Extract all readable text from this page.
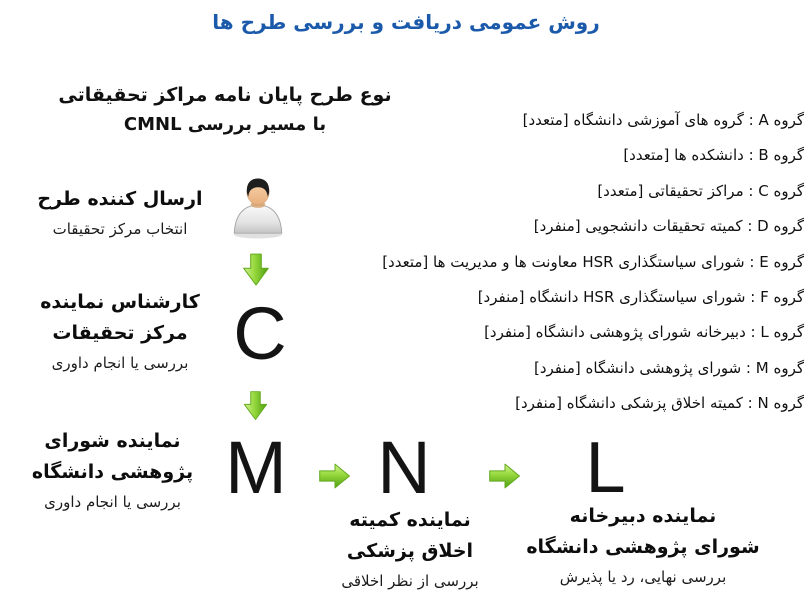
روش عمومی دریافت و بررسی طرح ها
نوع طرح پایان نامه مراکز تحقیقاتی
با مسیر بررسی CMNL
ارسال کننده طرح
انتخاب مرکز تحقیقات
کارشناس نماینده
مرکز تحقیقات
بررسی یا انجام داوری
نماینده شورای
پژوهشی دانشگاه
بررسی یا انجام داوری
نماینده کمیته
اخلاق پزشکی
بررسی از نظر اخلاقی
نماینده دبیرخانه
شورای پژوهشی دانشگاه
بررسی نهایی، رد یا پذیرش
C
M N L
گروه A : گروه های آموزشی دانشگاه [متعدد]
گروه B : دانشکده ها [متعدد]
گروه C : مراکز تحقیقاتی [متعدد]
گروه D : کمیته تحقیقات دانشجویی [منفرد]
گروه E : شورای سیاستگذاری HSR معاونت ها و مدیریت ها [متعدد]
گروه F : شورای سیاستگذاری HSR دانشگاه [منفرد]
گروه L : دبیرخانه شورای پژوهشی دانشگاه [منفرد]
گروه M : شورای پژوهشی دانشگاه [منفرد]
گروه N : کمیته اخلاق پزشکی دانشگاه [منفرد]
